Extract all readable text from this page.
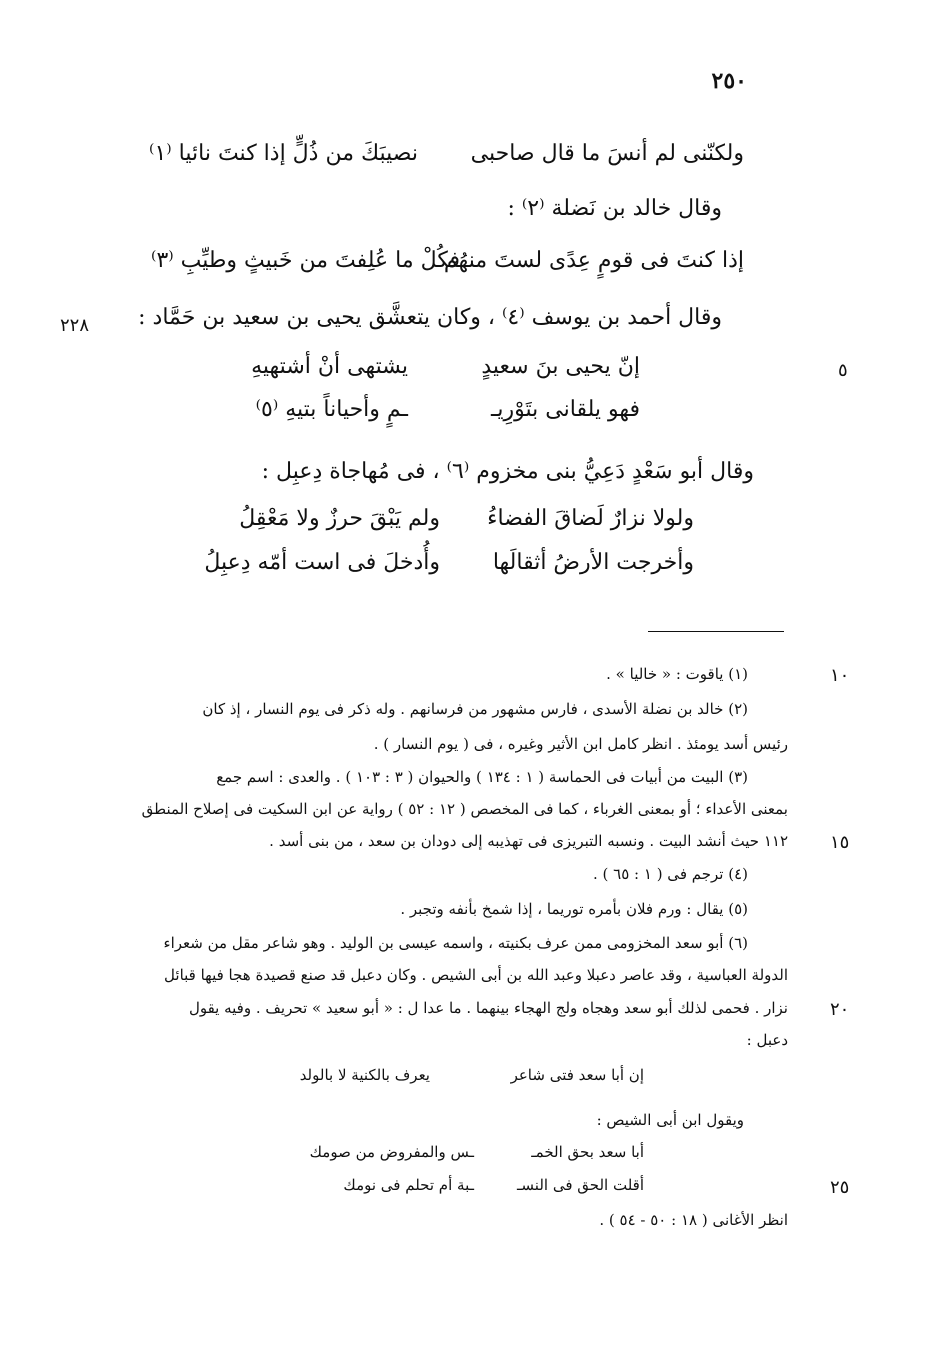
٢٥٠
ولكنّنى لم أنسَ ما قال صاحبى
نصيبَكَ من ذُلٍّ إذا كنتَ نائيا ⁽١⁾
وقال خالد بن نَضلة ⁽٢⁾ :
إذا كنتَ فى قومٍ عِدًى لستَ منهُم
فكُلْ ما عُلِفتَ من خَبيثٍ وطيِّبِ ⁽٣⁾
وقال أحمد بن يوسف ⁽٤⁾ ، وكان يتعشَّق يحيى بن سعيد بن حَمَّاد :
٢٢٨
إنّ يحيى بنَ سعيدٍ
يشتهى أنْ أشتهيهِ	٥
فهو يلقانى بتَوْرِيـ
ـمٍ وأحياناً بتيهِ ⁽٥⁾
وقال أبو سَعْدٍ دَعِيُّ بنى مخزوم ⁽٦⁾ ، فى مُهاجاة دِعبِل :
ولولا نزارٌ لَضاقَ الفضاءُ
ولم يَبْقَ حرزٌ ولا مَعْقِلُ
وأخرجت الأرضُ أثقالَها
وأُدخلَ فى است أمّه دِعبِلُ
١٠
(١) ياقوت : « خاليا » .
(٢) خالد بن نضلة الأسدى ، فارس مشهور من فرسانهم . وله ذكر فى يوم النسار ، إذ كان
رئيس أسد يومئذ . انظر كامل ابن الأثير وغيره ، فى ( يوم النسار ) .
(٣) البيت من أبيات فى الحماسة ( ١ : ١٣٤ ) والحيوان ( ٣ : ١٠٣ ) . والعدى : اسم جمع
بمعنى الأعداء ؛ أو بمعنى الغرباء ، كما فى المخصص ( ١٢ : ٥٢ ) رواية عن ابن السكيت فى إصلاح المنطق
١٥
١١٢ حيث أنشد البيت . ونسبه التبريزى فى تهذيبه إلى دودان بن سعد ، من بنى أسد .
(٤) ترجم فى ( ١ : ٦٥ ) .
(٥) يقال : ورم فلان بأمره توريما ، إذا شمخ بأنفه وتجبر .
(٦) أبو سعد المخزومى ممن عرف بكنيته ، واسمه عيسى بن الوليد . وهو شاعر مقل من شعراء
الدولة العباسية ، وقد عاصر دعبلا وعبد الله بن أبى الشيص . وكان دعبل قد صنع قصيدة هجا فيها قبائل
٢٠
نزار . فحمى لذلك أبو سعد وهجاه ولج الهجاء بينهما . ما عدا ل : « أبو سعيد » تحريف . وفيه يقول
دعبل :
إن أبا سعد فتى شاعر
يعرف بالكنية لا بالولد
ويقول ابن أبى الشيص :
أبا سعد بحق الخمـ
ـس والمفروض من صومك
٢٥
أقلت الحق فى النسـ
ـبة أم تحلم فى نومك
انظر الأغانى ( ١٨ : ٥٠ - ٥٤ ) .
